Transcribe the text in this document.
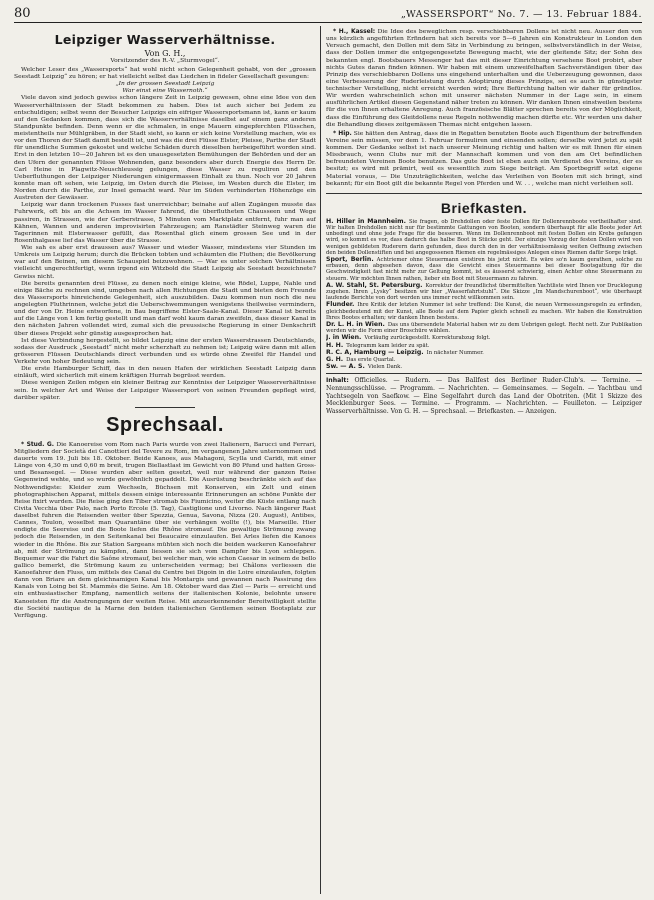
80	„WASSERSPORT“ No. 7. — 13. Februar 1884.
Leipziger Wasserverhältnisse.

Von G. H.,

Vorsitzender des R.-V. „Sturmvogel“.

Welcher Leser des „Wassersports“ hat wohl nicht schon Gelegenheit gehabt, von der „grossen Seestadt Leipzig“ zu hören; er hat vielleicht selbst das Liedchen in fideler Gesellschaft gesungen:

„In der grossen Seestadt Leipzig

War einst eine Wassernoth.“

Viele davon sind jedoch gewiss schon längere Zeit in Leipzig gewesen, ohne eine Idee von den Wasserverhältnissen der Stadt bekommen zu haben. Dies ist auch sicher bei Jedem zu entschuldigen; selbst wenn der Besucher Leipzigs ein eifriger Wassersportsmann ist, kann er kaum auf den Gedanken kommen, dass sich die Wasserverhältnisse daselbst auf einem ganz anderen Standpunkte befinden. Denn wenn er die schmalen, in enge Mauern eingepferchten Flüsschen, meistentheils nur Mühlgräben, in der Stadt sieht, so kann er sich keine Vorstellung machen, wie es vor den Thoren der Stadt damit bestellt ist, und was die drei Flüsse Elster, Pleisse, Parthe der Stadt für unendliche Summen gekostet und welche Schäden durch dieselben herbeigeführt worden sind. Erst in den letzten 10—20 Jahren ist es den unausgesetzten Bemühungen der Behörden und der an den Ufern der genannten Flüsse Wohnenden, ganz besonders aber durch Energie des Herrn Dr. Carl Heine in Plagwitz-Neuschleussig gelungen, diese Wasser zu reguliren und den Ueberfluthungen der Leipziger Niederungen einigermassen Einhalt zu thun. Noch vor 20 Jahren konnte man oft sehen, wie Leipzig, im Osten durch die Pleisse, im Westen durch die Elster, im Norden durch die Parthe, zur Insel gemacht ward. Nur im Süden verhinderten Höhenzüge ein Austreten der Gewässer.

Leipzig war dann trockenen Fusses fast unerreichbar; beinahe auf allen Zugängen musste das Fuhrwerk, oft bis an die Achsen im Wasser fahrend, die überflutheten Chausseen und Wege passiren, in Strassen, wie der Gerberstrasse, 5 Minuten vom Marktplatz entfernt, fuhr man auf Kähnen, Wannen und anderen improvisirten Fahrzeugen; am Ranstädter Steinweg waren die Tagerinnen mit Elsterwasser gefüllt, das Rosenthal glich einem grossen See und in der Rosenthalgasse lief das Wasser über die Strasse.

Wie sah es aber erst draussen aus? Wasser und wieder Wasser, mindestens vier Stunden im Umkreis um Leipzig herum; durch die Brücken tobten und schäumten die Fluthen; die Bevölkerung war auf den Beinen, um diesem Schauspiel beizuwohnen. — War es unter solchen Verhältnissen vielleicht ungerechtfertigt, wenn irgend ein Witzbold die Stadt Leipzig als Seestadt bezeichnete? Gewiss nicht.

Die bereits genannten drei Flüsse, zu denen noch einige kleine, wie Rödel, Luppe, Nahle und einige Bäche zu rechnen sind, umgeben nach allen Richtungen die Stadt und bieten dem Freunde des Wassersports hinreichende Gelegenheit, sich auszubilden. Dazu kommen nun noch die neu angelegten Fluthrinnen, welche jetzt die Ueberschwemmungen wenigstens theilweise vermindern, und der von Dr. Heine entworfene, in Bau begriffene Elster-Saale-Kanal. Dieser Kanal ist bereits auf die Länge von 1 km fertig gestellt und man darf wohl kaum daran zweifeln, dass dieser Kanal in den nächsten Jahren vollendet wird, zumal sich die preussische Regierung in einer Denkschrift über dieses Projekt sehr günstig ausgesprochen hat.

Ist diese Verbindung hergestellt, so bildet Leipzig eine der ersten Wasserstrassen Deutschlands, sodass der Ausdruck „Seestadt“ nicht mehr scherzhaft zu nehmen ist; Leipzig wäre dann mit allen grösseren Flüssen Deutschlands direct verbunden und es würde ohne Zweifel für Handel und Verkehr von hoher Bedeutung sein.

Die erste Hamburger Schiff, das in den neuen Hafen der wirklichen Seestadt Leipzig dann einläuft, wird sicherlich mit einem kräftigen Hurrah begrüsst werden.

Diese wenigen Zeilen mögen ein kleiner Beitrag zur Kenntniss der Leipziger Wasserverhältnisse sein. In welcher Art und Weise der Leipziger Wassersport von seinen Freunden gepflegt wird, darüber später.

Sprechsaal.

* Stud. G. Die Kanoereise vom Rom nach Paris wurde von zwei Italienern, Barucci und Ferrari, Mitgliedern der Società dei Canottieri del Tevere zu Rom, im vergangenen Jahre unternommen und dauerte vom 19. Juli bis 18. Oktober. Beide Kanoes, aus Mahagoni, Scylla und Caridi, mit einer Länge von 4,30 m und 0,60 m breit, trugen Biellastlast im Gewicht von 80 Pfund und hatten Gross- und Besansegel. — Diese wurden aber selten gesetzt, weil nur während der ganzen Reise Gegenwind wehte, und so wurde gewöhnlich gepaddelt. Die Ausrüstung beschränkte sich auf das Nothwendigste: Kleider zum Wechseln, Büchsen mit Konserven, ein Zelt und einen photographischen Apparat, mittels dessen einige interessante Erinnerungen an schöne Punkte der Reise fixirt wurden. Die Reise ging den Tiber stromab bis Fiumicino, weiter die Küste entlang nach Civita Vecchia über Palo, nach Porto Ercole (5. Tag), Castiglione und Livorno. Nach längerer Rast daselbst fuhren die Reisenden weiter über Spezzia, Genua, Savona, Nizza (20. August), Antibes, Cannes, Toulon, woselbst man Quarantäne über sie verhängen wollte (!), bis Marseille. Hier endigte die Seereise und die Boote liefen die Rhône stromauf. Die gewaltige Strömung zwang jedoch die Reisenden, in den Seitenkanal bei Beaucaire einzulaufen. Bei Arles liefen die Kanoes wieder in die Rhône. Bis zur Station Sargeans mühten sich noch die beiden wackeren Kanoefahrer ab, mit der Strömung zu kämpfen, dann liessen sie sich vom Dampfer bis Lyon schleppen. Bequemer war die Fahrt die Saône stromauf, bei welcher man, wie schon Caesar in seinem de bello gallico bemerkt, die Strömung kaum zu unterscheiden vermag; bei Châlons verliessen die Kanoefahrer den Fluss, um mittels des Canal du Centre bei Digoin in die Loire einzulaufen, folgten dann von Briare an dem gleichnamigen Kanal bis Montargis und gewannen nach Passirung des Kanals von Loing bei St. Mammès die Seine. Am 18. Oktober ward das Ziel — Paris — erreicht und ein enthusiastischer Empfang, namentlich seitens der italienischen Kolonie, belohnte unsere Kanoeisten für die Anstrengungen der weiten Reise. Mit anzuerkennender Bereitwilligkeit stellte die Société nautique de la Marne den beiden italienischen Gentlemen seinen Bootsplatz zur Verfügung.

* H., Kassel: Die Idee des beweglichen resp. verschiebbaren Dollens ist nicht neu. Ausser den von uns kürzlich angeführten Erfindern hat sich bereits vor 5—6 Jahren ein Konstrukteur in London den Versuch gemacht, den Dollen mit dem Sitz in Verbindung zu bringen, selbstverständlich in der Weise, dass der Dollen immer die entgegengesetzte Bewegung macht, wie der gleitende Sitz; der Sohn des bekannten engl. Bootsbauers Messenger hat das mit dieser Einrichtung versehene Boot probirt, aber nichts Gutes daran finden können. Wir haben mit einem unzweifelhaften Sachverständigen über das Prinzip des verschiebbaren Dollens uns eingehend unterhalten und die Ueberzeugung gewonnen, dass eine Verbesserung der Ruderleistung durch Adoptirung dieses Prinzips, sei es auch in günstigster technischer Verstellung, nicht erreicht werden wird; Ihre Befürchtung halten wir daher für gründlos. Wir werden wahrscheinlich schon mit unserer nächsten Nummer in der Lage sein, in einem ausführlichen Artikel diesen Gegenstand näher treten zu können. Wir danken Ihnen einstweilen bestens für die von Ihnen erhaltene Anregung. Auch französische Blätter sprechen bereits von der Möglichkeit, dass die Einführung des Gleitdollens neue Regeln nothwendig machen dürfte etc. Wir werden uns daher die Behandlung dieses zeitgemässen Themas nicht entgehen lassen.

* Hip. Sie hätten den Antrag, dass die in Regatten benutzten Boote auch Eigenthum der betreffenden Vereine sein müssen, vor dem 1. Februar formuliren und einsenden sollen; derselbe wird jetzt zu spät kommen. Der Gedanke selbst ist nach unserer Meinung richtig und halten wir es mit Ihnen für einen Missbrauch, wenn Clubs nur mit der Mannschaft kommen und von den am Ort befindlichen befreundeten Vereinen Boote benutzen. Das gute Boot ist eben auch ein Verdienst des Vereins, der es besitzt; es wird mit prämirt, weil es wesentlich zum Siege beiträgt. Am Sportbegriff setzt eigene Material voraus, — Die Unzuträglichkeiten, welche das Verleihen von Booten mit sich bringt, sind bekannt; für ein Boot gilt die bekannte Regel von Pferden und W. . . , welche man nicht verleihen soll.

Briefkasten.

H. Hiller in Mannheim. Sie fragen, ob Drehdollen oder feste Dollen für Dollenrennboote vortheilhafter sind. Wir halten Drehdollen nicht nur für bestimmte Gattungen von Booten, sondern überhaupt für alle Boote jeder Art unbedingt und ohne jede Frage für die besseren. Wenn im Dollenrennboot mit festen Dollen ein Krebs gefangen wird, so kommt es vor, dass dadurch das halbe Boot in Stücke geht. Der einzige Vorzug der festen Dollen wird von wenigen gebildeten Ruderern darin gefunden, dass durch den in der verhältnissmässig weiten Oeffnung zwischen den beiden Dollenstiften und bei angegossenen Riemen ein regelmässiges Anlegen eines Riemen dafür Sorge trägt.

Sport, Berlin. Achtriemer ohne Steuermann existiren bis jetzt nicht. Es wäre so'n kaum gerathen, solche zu erbauen, denn abgesehen davon, dass die Gewicht eines Steuermanns bei dieser Bootsgattung für die Geschwindigkeit fast nicht mehr zur Geltung kommt, ist es äusserst schwierig, einen Achter ohne Steuermann zu steuern. Wir möchten Ihnen rathen, lieber ein Boot mit Steuermann zu fahren.

A. W. Stahl, St. Petersburg. Korrektur der freundlichst übermittelten Yachtliste wird Ihnen vor Drucklegung zugehen. Ihren „Lysky“ besitzen wir hier „Wasserfahrtstuhl“. Die Skizze „Im Mandschurenboot“, wie überhaupt laufende Berichte von dort werden uns immer recht willkommen sein.

Flunder. Ihre Kritik der letzten Nummer ist sehr treffend: Die Kunst, die neuen Vermessungsregeln zu erfinden, gleichbedeutend mit der Kunst, alle Boote auf dem Papier gleich schnell zu machen. Wir haben die Konstruktion Ihres Bootes erhalten; wir danken Ihnen bestens.

Dr. L. H. in Wien. Das uns übersendete Material haben wir zu dem Uebrigen gelegt. Recht nett. Zur Publikation werden wir die Form einer Broschüre wählen.

J. in Wien. Vorläufig zurückgestellt. Korrekturabzug folgt.

H. H. Telegramm kam leider zu spät.

R. C. A, Hamburg — Leipzig. In nächster Nummer.

G. H. Das erste Quartal.

Sw. — A. S. Vielen Dank.

Inhalt: Officielles. — Rudern. — Das Ballfest des Berliner Ruder-Club's. — Termine. — Nennungsschlüsse. — Programm. — Nachrichten. — Gemeinsames. — Segeln. — Yachtbau und Yachtsegeln von Saefkow. — Eine Segelfahrt durch das Land der Obotriten. (Mit 1 Skizze des Mecklenburger Sees. — Termine. — Programm. — Nachrichten. — Feuilleton. — Leipziger Wasserverhältnisse. Von G. H. — Sprechsaal. — Briefkasten. — Anzeigen.
